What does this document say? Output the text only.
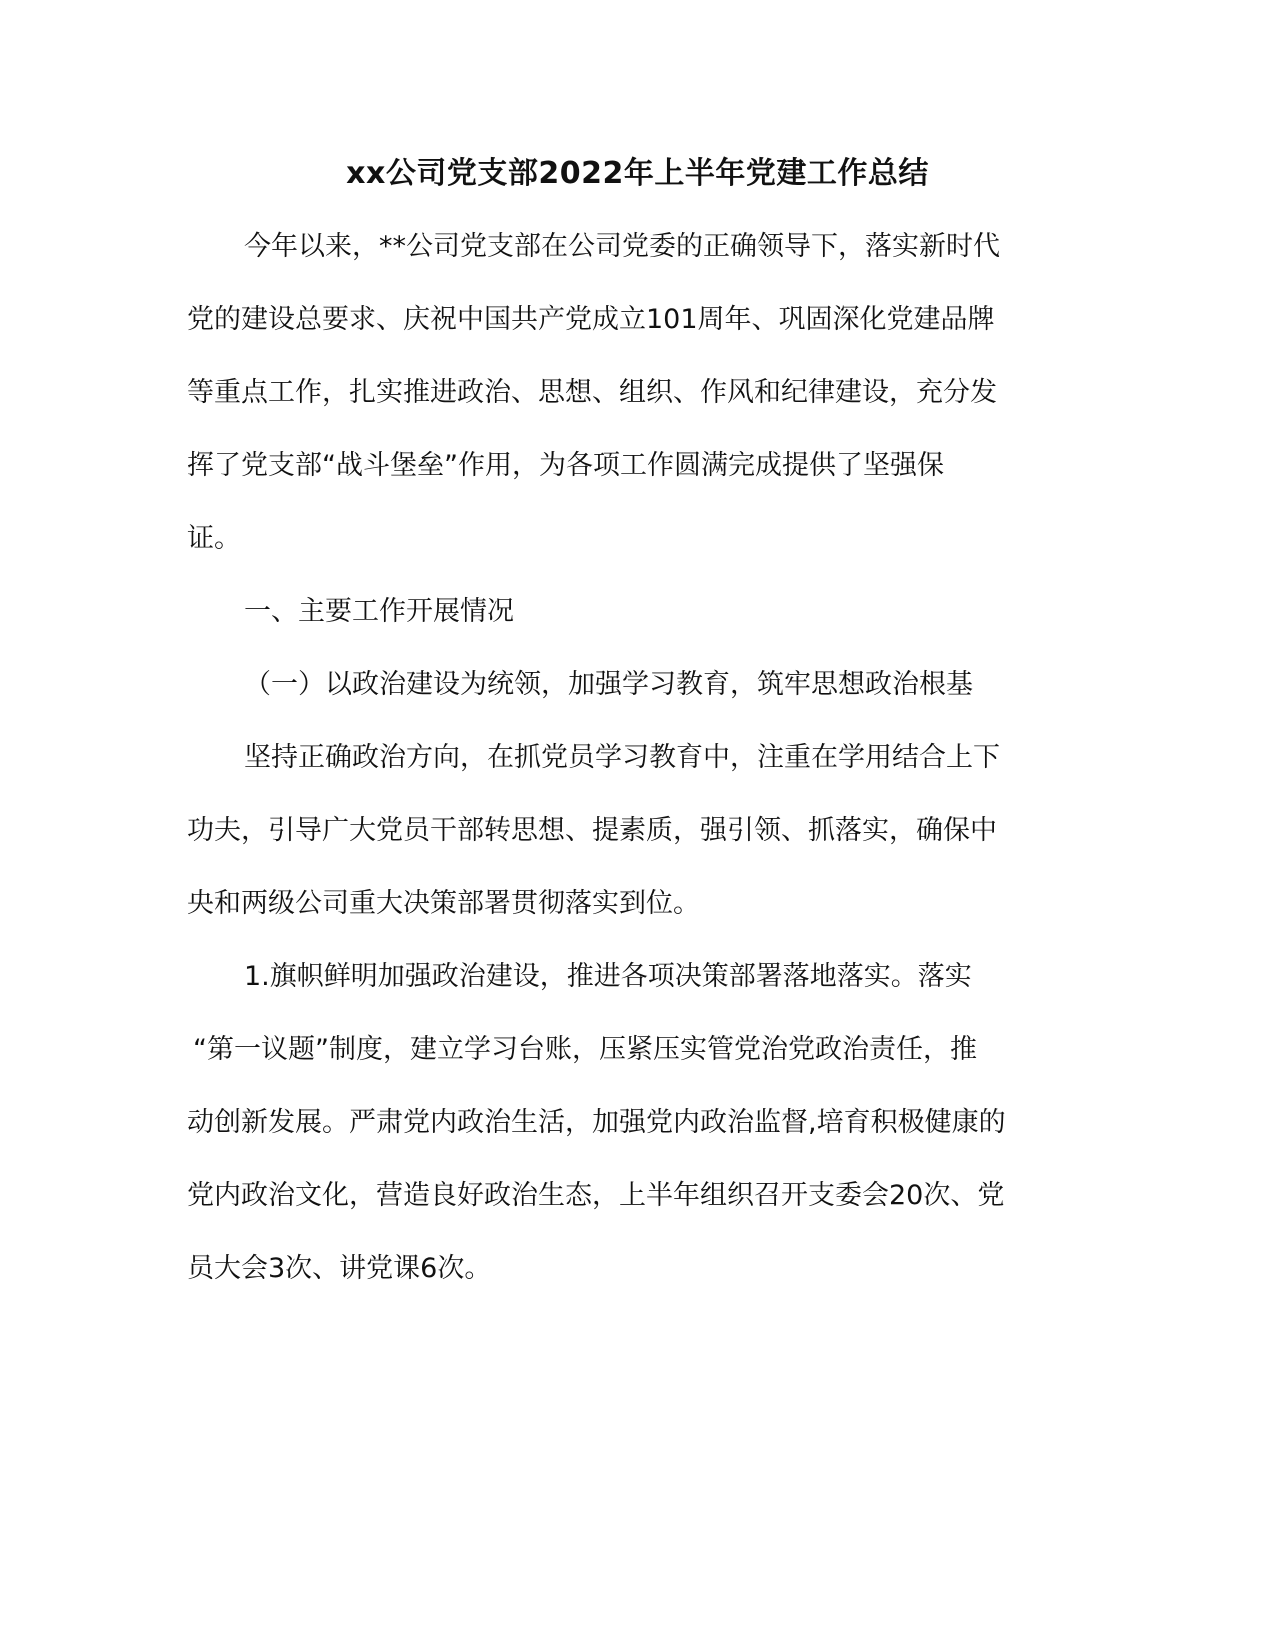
xx公司党支部2022年上半年党建工作总结
今年以来，**公司党支部在公司党委的正确领导下，落实新时代
党的建设总要求、庆祝中国共产党成立101周年、巩固深化党建品牌
等重点工作，扎实推进政治、思想、组织、作风和纪律建设，充分发
挥了党支部“战斗堡垒”作用，为各项工作圆满完成提供了坚强保
证。
一、主要工作开展情况
（一）以政治建设为统领，加强学习教育，筑牢思想政治根基
坚持正确政治方向，在抓党员学习教育中，注重在学用结合上下
功夫，引导广大党员干部转思想、提素质，强引领、抓落实，确保中
央和两级公司重大决策部署贯彻落实到位。
1.旗帜鲜明加强政治建设，推进各项决策部署落地落实。落实
“第一议题”制度，建立学习台账，压紧压实管党治党政治责任，推
动创新发展。严肃党内政治生活，加强党内政治监督,培育积极健康的
党内政治文化，营造良好政治生态，上半年组织召开支委会20次、党
员大会3次、讲党课6次。
